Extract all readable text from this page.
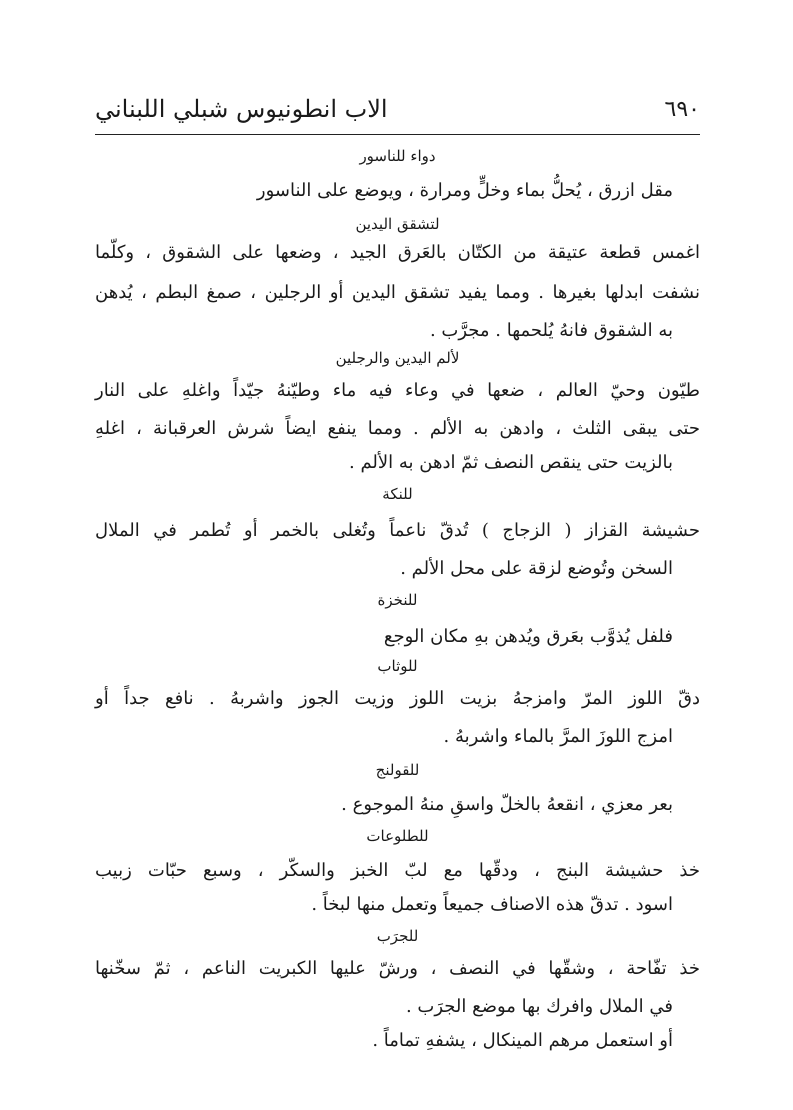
٦٩٠
الاب انطونيوس شبلي اللبناني
دواء للناسور
مقل ازرق ، يُحلُّ بماء وخلٍّ ومرارة ، ويوضع على الناسور
لتشقق اليدين
اغمس قطعة عتيقة من الكتّان بالعَرق الجيد ، وضعها على الشقوق ، وكلّما
نشفت ابدلها بغيرها . ومما يفيد تشقق اليدين أو الرجلين ، صمغ البطم ، يُدهن
به الشقوق فانهُ يُلحمها . مجرَّب .
لألم اليدين والرجلين
طيّون وحيّ العالم ، ضعها في وعاء فيه ماء وطيّنهُ جيّداً واغلهِ على النار
حتى يبقى الثلث ، وادهن به الألم . ومما ينفع ايضاً شرش العرقبانة ، اغلهِ
بالزيت حتى ينقص النصف ثمّ ادهن به الألم .
للنكة
حشيشة القزاز ( الزجاج ) تُدقّ ناعماً وتُغلى بالخمر أو تُطمر في الملال
السخن وتُوضع لزقة على محل الألم .
للنخزة
فلفل يُذوَّب بعَرق ويُدهن بهِ مكان الوجع
للوثاب
دقّ اللوز المرّ وامزجهُ بزيت اللوز وزيت الجوز واشربهُ . نافع جداً أو
امزج اللوزَ المرَّ بالماء واشربهُ .
للقولنج
بعر معزي ، انقعهُ بالخلّ واسقِ منهُ الموجوع .
للطلوعات
خذ حشيشة البنج ، ودقّها مع لبّ الخبز والسكّر ، وسبع حبّات زبيب
اسود . تدقّ هذه الاصناف جميعاً وتعمل منها لبخاً .
للجرَب
خذ تفّاحة ، وشقّها في النصف ، ورشّ عليها الكبريت الناعم ، ثمّ سخّنها
في الملال وافرك بها موضع الجرَب .
أو استعمل مرهم المينكال ، يشفهِ تماماً .
